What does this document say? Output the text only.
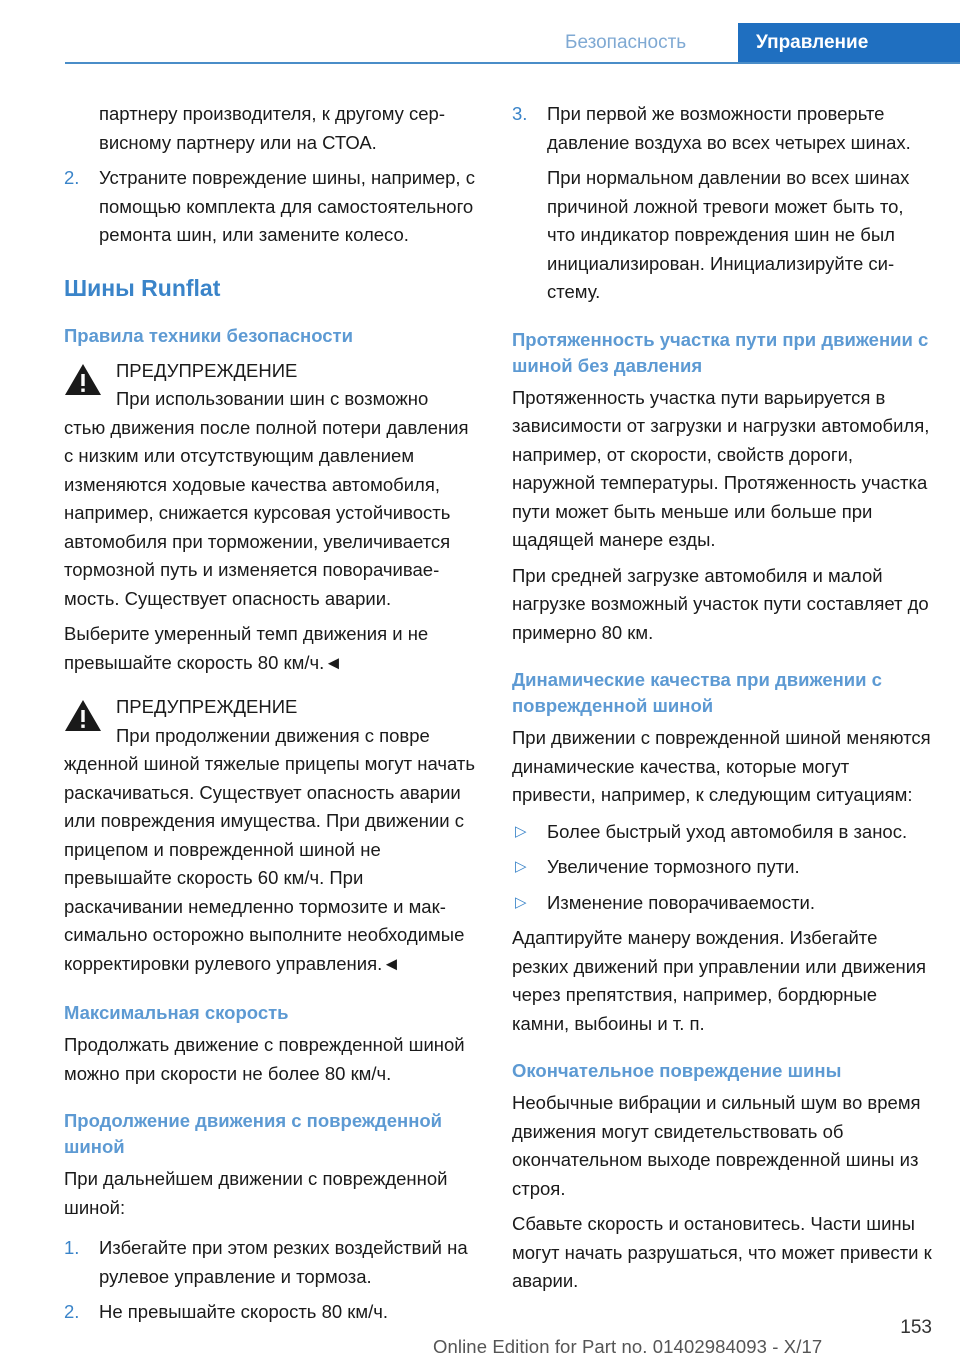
Безопасность	Управление

партнеру производителя, к другому сервисному партнеру или на СТОА.

2. Устраните повреждение шины, например, с помощью комплекта для самостоятельного ремонта шин, или замените колесо.
Шины Runflat
Правила техники безопасности
ПРЕДУПРЕЖДЕНИЕ
При использовании шин с возможно

стью движения после полной потери давления с низким или отсутствующим давлением изменяются ходовые качества автомобиля, например, снижается курсовая устойчивость автомобиля при торможении, увеличивается тормозной путь и изменяется поворачиваемость. Существует опасность аварии.

Выберите умеренный темп движения и не превышайте скорость 80 км/ч.◄

ПРЕДУПРЕЖДЕНИЕ
При продолжении движения с повре

жденной шиной тяжелые прицепы могут начать раскачиваться. Существует опасность аварии или повреждения имущества. При движении с прицепом и поврежденной шиной не превышайте скорость 60 км/ч. При раскачивании немедленно тормозите и максимально осторожно выполните необходимые корректировки рулевого управления.◄

Максимальная скорость

Продолжать движение с поврежденной шиной можно при скорости не более 80 км/ч.

Продолжение движения с поврежденной шиной

При дальнейшем движении с поврежденной шиной:

1. Избегайте при этом резких воздействий на рулевое управление и тормоза.
2. Не превышайте скорость 80 км/ч.
3. При первой же возможности проверьте давление воздуха во всех четырех шинах.

При нормальном давлении во всех шинах причиной ложной тревоги может быть то, что индикатор повреждения шин не был инициализирован. Инициализируйте систему.

Протяженность участка пути при движении с шиной без давления

Протяженность участка пути варьируется в зависимости от загрузки и нагрузки автомобиля, например, от скорости, свойств дороги, наружной температуры. Протяженность участка пути может быть меньше или больше при щадящей манере езды.

При средней загрузке автомобиля и малой нагрузке возможный участок пути составляет до примерно 80 км.

Динамические качества при движении с поврежденной шиной

При движении с поврежденной шиной меняются динамические качества, которые могут привести, например, к следующим ситуациям:

▷ Более быстрый уход автомобиля в занос.
▷ Увеличение тормозного пути.
▷ Изменение поворачиваемости.

Адаптируйте манеру вождения. Избегайте резких движений при управлении или движения через препятствия, например, бордюрные камни, выбоины и т. п.

Окончательное повреждение шины

Необычные вибрации и сильный шум во время движения могут свидетельствовать об окончательном выходе поврежденной шины из строя.

Сбавьте скорость и остановитесь. Части шины могут начать разрушаться, что может привести к аварии.

153
Online Edition for Part no. 01402984093 - X/17
